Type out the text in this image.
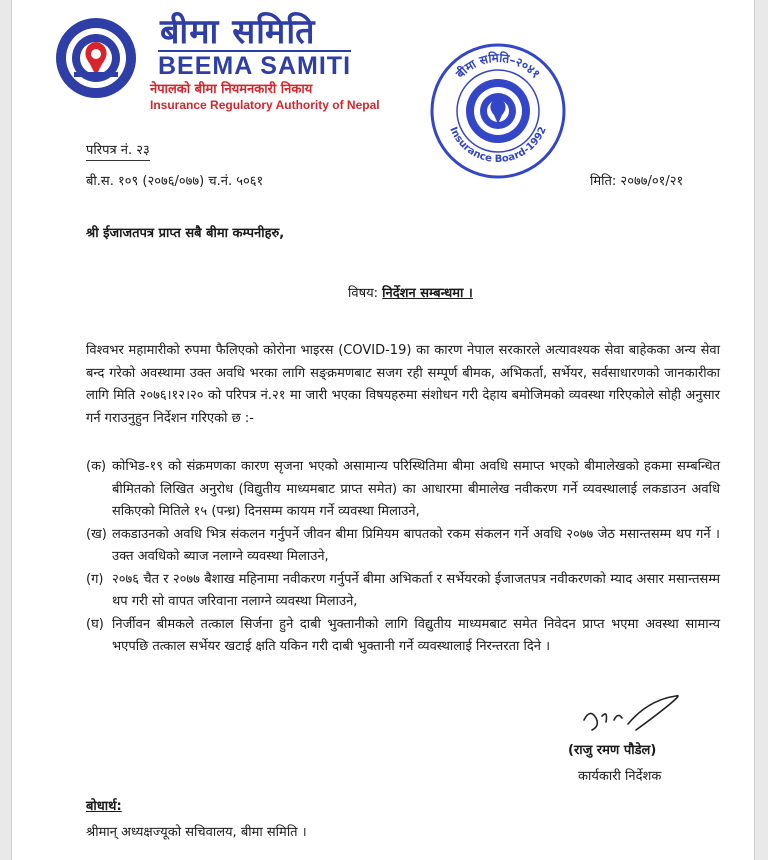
बीमा समिति
BEEMA SAMITI
नेपालको बीमा नियमनकारी निकाय
Insurance Regulatory Authority of Nepal
बीमा समिति–२०४१
Insurance Board-1992
परिपत्र नं. २३
बी.स. १०९ (२०७६/०७७) च.नं. ५०६१	मिति: २०७७/०१/२१
श्री ईजाजतपत्र प्राप्त सबै बीमा कम्पनीहरु,
विषय: निर्देशन सम्बन्धमा ।
विश्वभर महामारीको रुपमा फैलिएको कोरोना भाइरस (COVID-19) का कारण नेपाल सरकारले अत्यावश्यक सेवा बाहेकका अन्य सेवा बन्द गरेको अवस्थामा उक्त अवधि भरका लागि सङ्क्रमणबाट सजग रही सम्पूर्ण बीमक, अभिकर्ता, सर्भेयर, सर्वसाधारणको जानकारीका लागि मिति २०७६।१२।२० को परिपत्र नं.२१ मा जारी भएका विषयहरुमा संशोधन गरी देहाय बमोजिमको व्यवस्था गरिएकोले सोही अनुसार गर्न गराउनुहुन निर्देशन गरिएको छ :-
(क) कोभिड-१९ को संक्रमणका कारण सृजना भएको असामान्य परिस्थितिमा बीमा अवधि समाप्त भएको बीमालेखको हकमा सम्बन्धित बीमितको लिखित अनुरोध (विद्युतीय माध्यमबाट प्राप्त समेत) का आधारमा बीमालेख नवीकरण गर्ने व्यवस्थालाई लकडाउन अवधि सकिएको मितिले १५ (पन्ध्र) दिनसम्म कायम गर्ने व्यवस्था मिलाउने,
(ख) लकडाउनको अवधि भित्र संकलन गर्नुपर्ने जीवन बीमा प्रिमियम बापतको रकम संकलन गर्ने अवधि २०७७ जेठ मसान्तसम्म थप गर्ने । उक्त अवधिको ब्याज नलाग्ने व्यवस्था मिलाउने,
(ग) २०७६ चैत र २०७७ बैशाख महिनामा नवीकरण गर्नुपर्ने बीमा अभिकर्ता र सर्भेयरको ईजाजतपत्र नवीकरणको म्याद असार मसान्तसम्म थप गरी सो वापत जरिवाना नलाग्ने व्यवस्था मिलाउने,
(घ) निर्जीवन बीमकले तत्काल सिर्जना हुने दाबी भुक्तानीको लागि विद्युतीय माध्यमबाट समेत निवेदन प्राप्त भएमा अवस्था सामान्य भएपछि तत्काल सर्भेयर खटाई क्षति यकिन गरी दाबी भुक्तानी गर्ने व्यवस्थालाई निरन्तरता दिने ।
(राजु रमण पौडेल)
कार्यकारी निर्देशक
बोधार्थ:
श्रीमान् अध्यक्षज्यूको सचिवालय, बीमा समिति ।
